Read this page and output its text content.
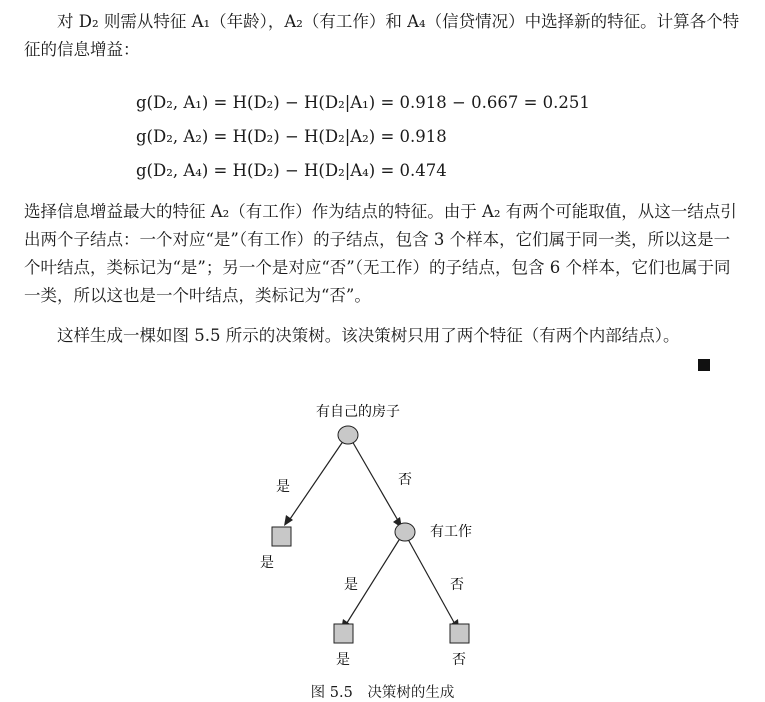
对 D₂ 则需从特征 A₁（年龄），A₂（有工作）和 A₄（信贷情况）中选择新的特征。计算各个特征的信息增益：
g(D₂, A₁) = H(D₂) − H(D₂|A₁) = 0.918 − 0.667 = 0.251
g(D₂, A₂) = H(D₂) − H(D₂|A₂) = 0.918
g(D₂, A₄) = H(D₂) − H(D₂|A₄) = 0.474
选择信息增益最大的特征 A₂（有工作）作为结点的特征。由于 A₂ 有两个可能取值，从这一结点引出两个子结点：一个对应“是”（有工作）的子结点，包含 3 个样本，它们属于同一类，所以这是一个叶结点，类标记为“是”；另一个是对应“否”（无工作）的子结点，包含 6 个样本，它们也属于同一类，所以这也是一个叶结点，类标记为“否”。
这样生成一棵如图 5.5 所示的决策树。该决策树只用了两个特征（有两个内部结点）。
有自己的房子
有工作
是	否
是	否
是
是	否
图 5.5　决策树的生成
